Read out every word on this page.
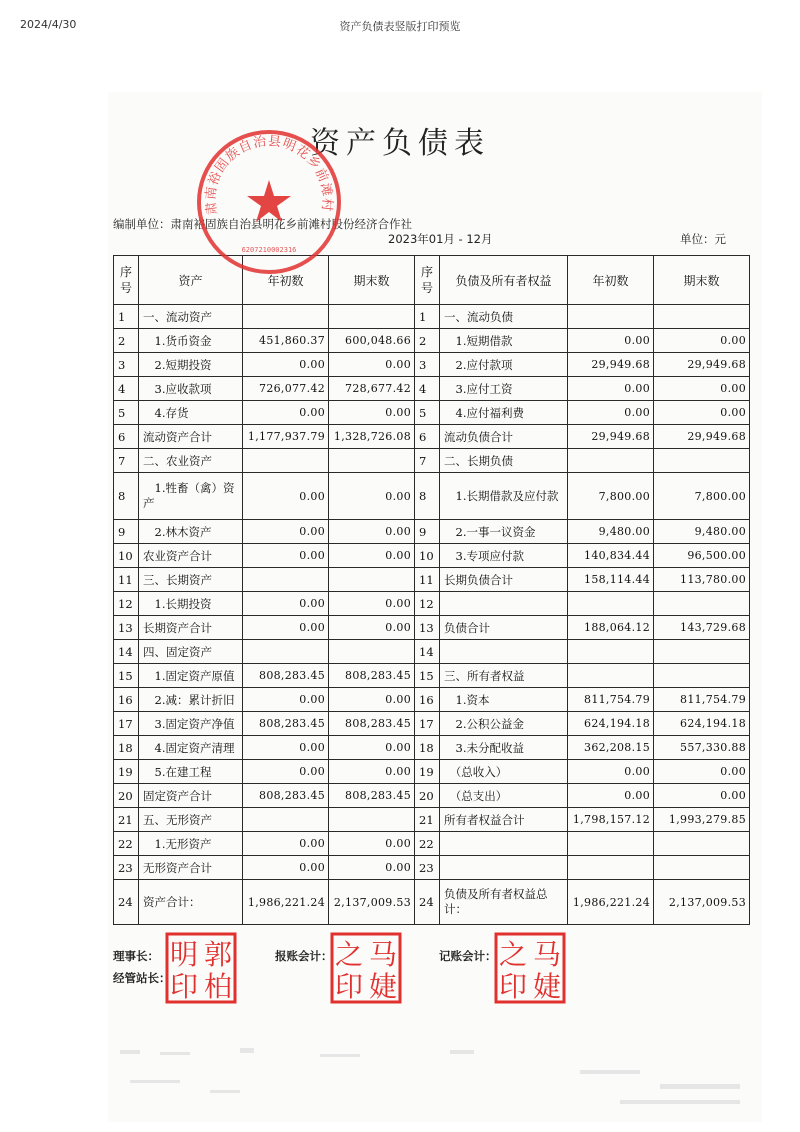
2024/4/30	资产负债表竖版打印预览
资产负债表
编制单位：肃南裕固族自治县明花乡前滩村股份经济合作社
2023年01月 - 12月	单位：元
序号	资产	年初数	期末数	序号	负债及所有者权益	年初数	期末数
1	一、流动资产			1	一、流动负债		
2	　1.货币资金	451,860.37	600,048.66	2	　1.短期借款	0.00	0.00
3	　2.短期投资	0.00	0.00	3	　2.应付款项	29,949.68	29,949.68
4	　3.应收款项	726,077.42	728,677.42	4	　3.应付工资	0.00	0.00
5	　4.存货	0.00	0.00	5	　4.应付福利费	0.00	0.00
6	流动资产合计	1,177,937.79	1,328,726.08	6	流动负债合计	29,949.68	29,949.68
7	二、农业资产			7	二、长期负债		
8	　1.牲畜（禽）资产	0.00	0.00	8	　1.长期借款及应付款	7,800.00	7,800.00
9	　2.林木资产	0.00	0.00	9	　2.一事一议资金	9,480.00	9,480.00
10	农业资产合计	0.00	0.00	10	　3.专项应付款	140,834.44	96,500.00
11	三、长期资产			11	长期负债合计	158,114.44	113,780.00
12	　1.长期投资	0.00	0.00	12			
13	长期资产合计	0.00	0.00	13	负债合计	188,064.12	143,729.68
14	四、固定资产			14			
15	　1.固定资产原值	808,283.45	808,283.45	15	三、所有者权益		
16	　2.减：累计折旧	0.00	0.00	16	　1.资本	811,754.79	811,754.79
17	　3.固定资产净值	808,283.45	808,283.45	17	　2.公积公益金	624,194.18	624,194.18
18	　4.固定资产清理	0.00	0.00	18	　3.未分配收益	362,208.15	557,330.88
19	　5.在建工程	0.00	0.00	19	　（总收入）	0.00	0.00
20	固定资产合计	808,283.45	808,283.45	20	　（总支出）	0.00	0.00
21	五、无形资产			21	所有者权益合计	1,798,157.12	1,993,279.85
22	　1.无形资产	0.00	0.00	22			
23	无形资产合计	0.00	0.00	23			
24	资产合计：	1,986,221.24	2,137,009.53	24	负债及所有者权益总计：	1,986,221.24	2,137,009.53
肃南裕固族自治县明花乡前滩村
6207210002316
理事长：
经管站长：
报账会计：	记账会计：
郭
明
柏
印
马
之
婕
印
马
之
婕
印
